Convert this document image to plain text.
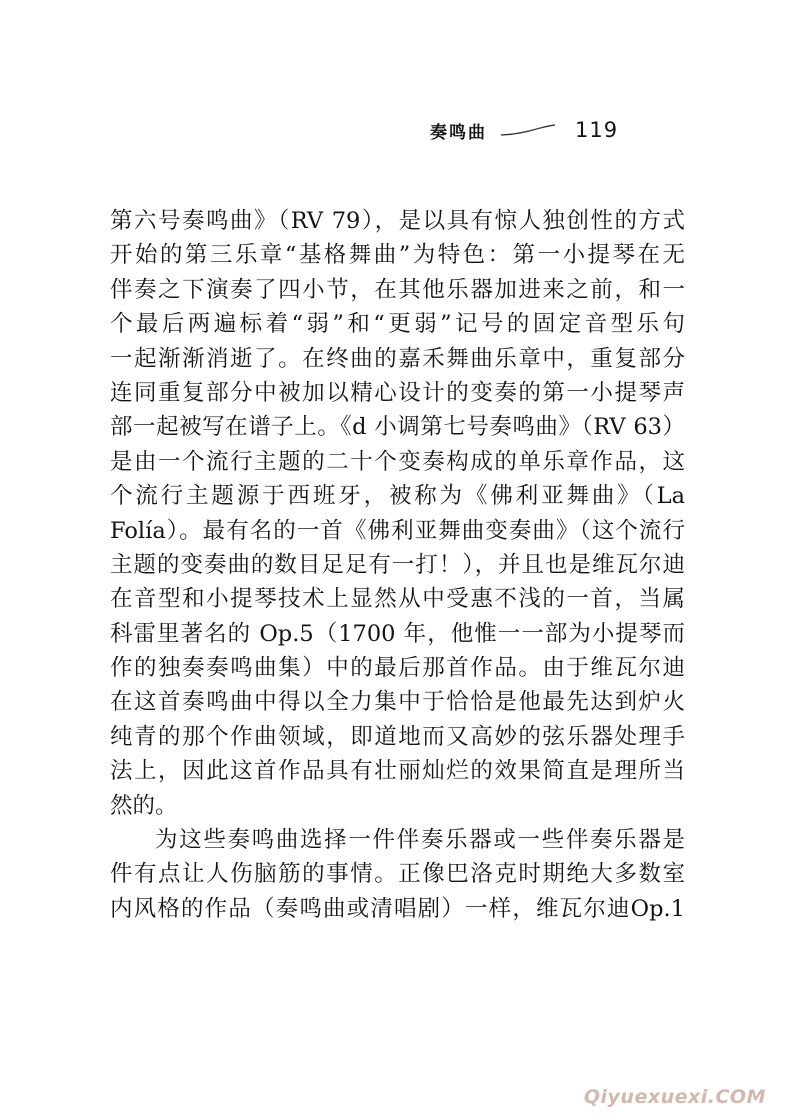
奏鸣曲	119
第六号奏鸣曲》（RV 79），是以具有惊人独创性的方式
开始的第三乐章“基格舞曲”为特色：第一小提琴在无
伴奏之下演奏了四小节，在其他乐器加进来之前，和一
个最后两遍标着“弱”和“更弱”记号的固定音型乐句
一起渐渐消逝了。在终曲的嘉禾舞曲乐章中，重复部分
连同重复部分中被加以精心设计的变奏的第一小提琴声
部一起被写在谱子上。《d 小调第七号奏鸣曲》（RV 63）
是由一个流行主题的二十个变奏构成的单乐章作品，这
个流行主题源于西班牙，被称为《佛利亚舞曲》（La
Folía）。最有名的一首《佛利亚舞曲变奏曲》（这个流行
主题的变奏曲的数目足足有一打！），并且也是维瓦尔迪
在音型和小提琴技术上显然从中受惠不浅的一首，当属
科雷里著名的 Op.5（1700 年，他惟一一部为小提琴而
作的独奏奏鸣曲集）中的最后那首作品。由于维瓦尔迪
在这首奏鸣曲中得以全力集中于恰恰是他最先达到炉火
纯青的那个作曲领域，即道地而又高妙的弦乐器处理手
法上，因此这首作品具有壮丽灿烂的效果简直是理所当
然的。
为这些奏鸣曲选择一件伴奏乐器或一些伴奏乐器是
件有点让人伤脑筋的事情。正像巴洛克时期绝大多数室
内风格的作品（奏鸣曲或清唱剧）一样，维瓦尔迪Op.1
Qiyuexuexi.COM
